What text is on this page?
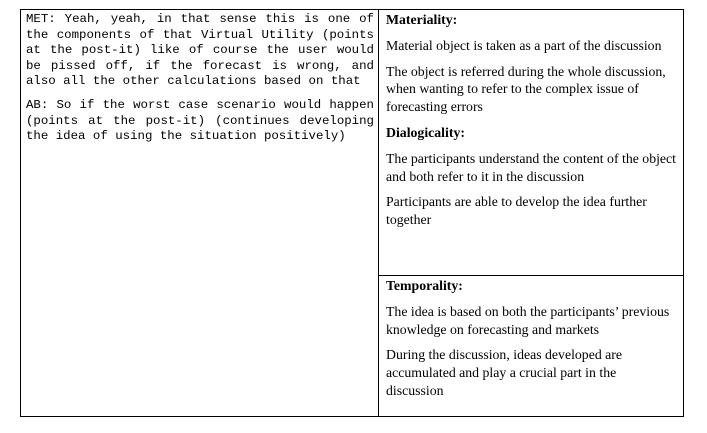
MET: Yeah, yeah, in that sense this is one of the components of that Virtual Utility (points at the post-it) like of course the user would be pissed off, if the forecast is wrong, and also all the other calculations based on that

AB: So if the worst case scenario would happen (points at the post-it) (continues developing the idea of using the situation positively)

Materiality:

Material object is taken as a part of the discussion

The object is referred during the whole discussion, when wanting to refer to the complex issue of forecasting errors

Dialogicality:

The participants understand the content of the object and both refer to it in the discussion

Participants are able to develop the idea further together

Temporality:

The idea is based on both the participants’ previous knowledge on forecasting and markets

During the discussion, ideas developed are accumulated and play a crucial part in the discussion
